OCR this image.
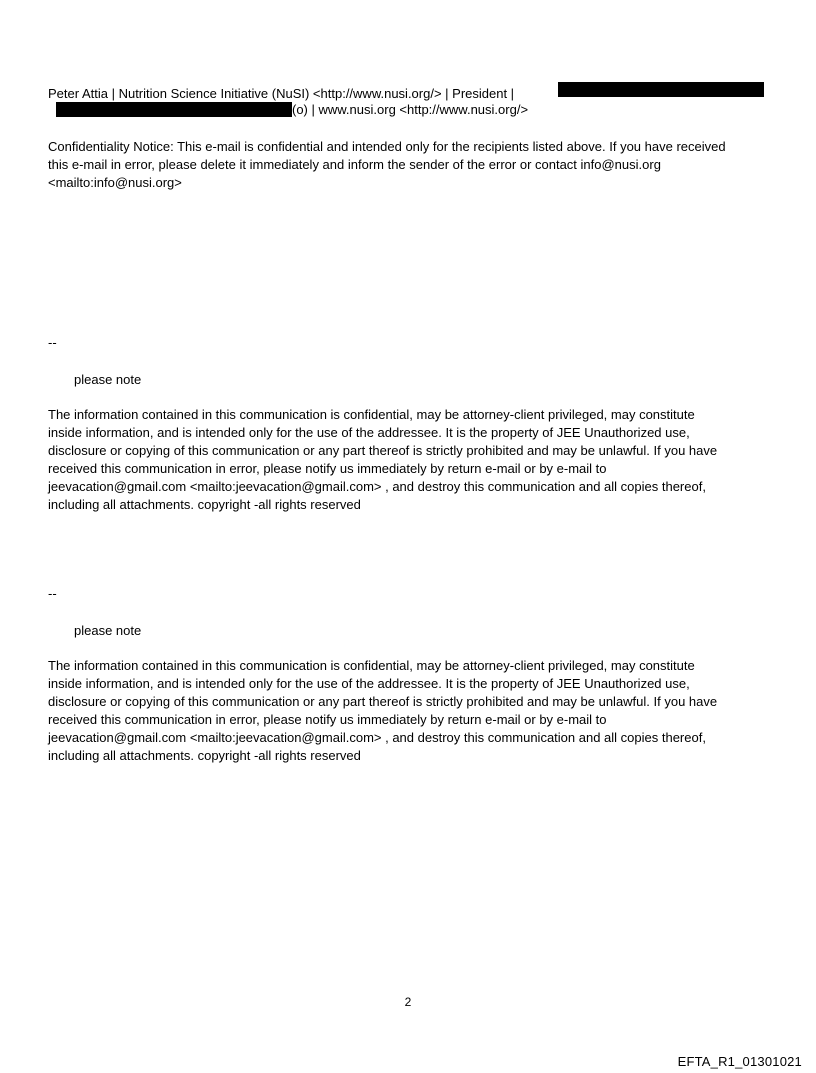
Peter Attia | Nutrition Science Initiative (NuSI) <http://www.nusi.org/> | President |
(o) | www.nusi.org <http://www.nusi.org/>
Confidentiality Notice: This e-mail is confidential and intended only for the recipients listed above. If you have received
this e-mail in error, please delete it immediately and inform the sender of the error or contact info@nusi.org
<mailto:info@nusi.org>
--
please note
The information contained in this communication is confidential, may be attorney-client privileged, may constitute
inside information, and is intended only for the use of the addressee. It is the property of JEE Unauthorized use,
disclosure or copying of this communication or any part thereof is strictly prohibited and may be unlawful. If you have
received this communication in error, please notify us immediately by return e-mail or by e-mail to
jeevacation@gmail.com <mailto:jeevacation@gmail.com> , and destroy this communication and all copies thereof,
including all attachments. copyright -all rights reserved
--
please note
The information contained in this communication is confidential, may be attorney-client privileged, may constitute
inside information, and is intended only for the use of the addressee. It is the property of JEE Unauthorized use,
disclosure or copying of this communication or any part thereof is strictly prohibited and may be unlawful. If you have
received this communication in error, please notify us immediately by return e-mail or by e-mail to
jeevacation@gmail.com <mailto:jeevacation@gmail.com> , and destroy this communication and all copies thereof,
including all attachments. copyright -all rights reserved
2
EFTA_R1_01301021
